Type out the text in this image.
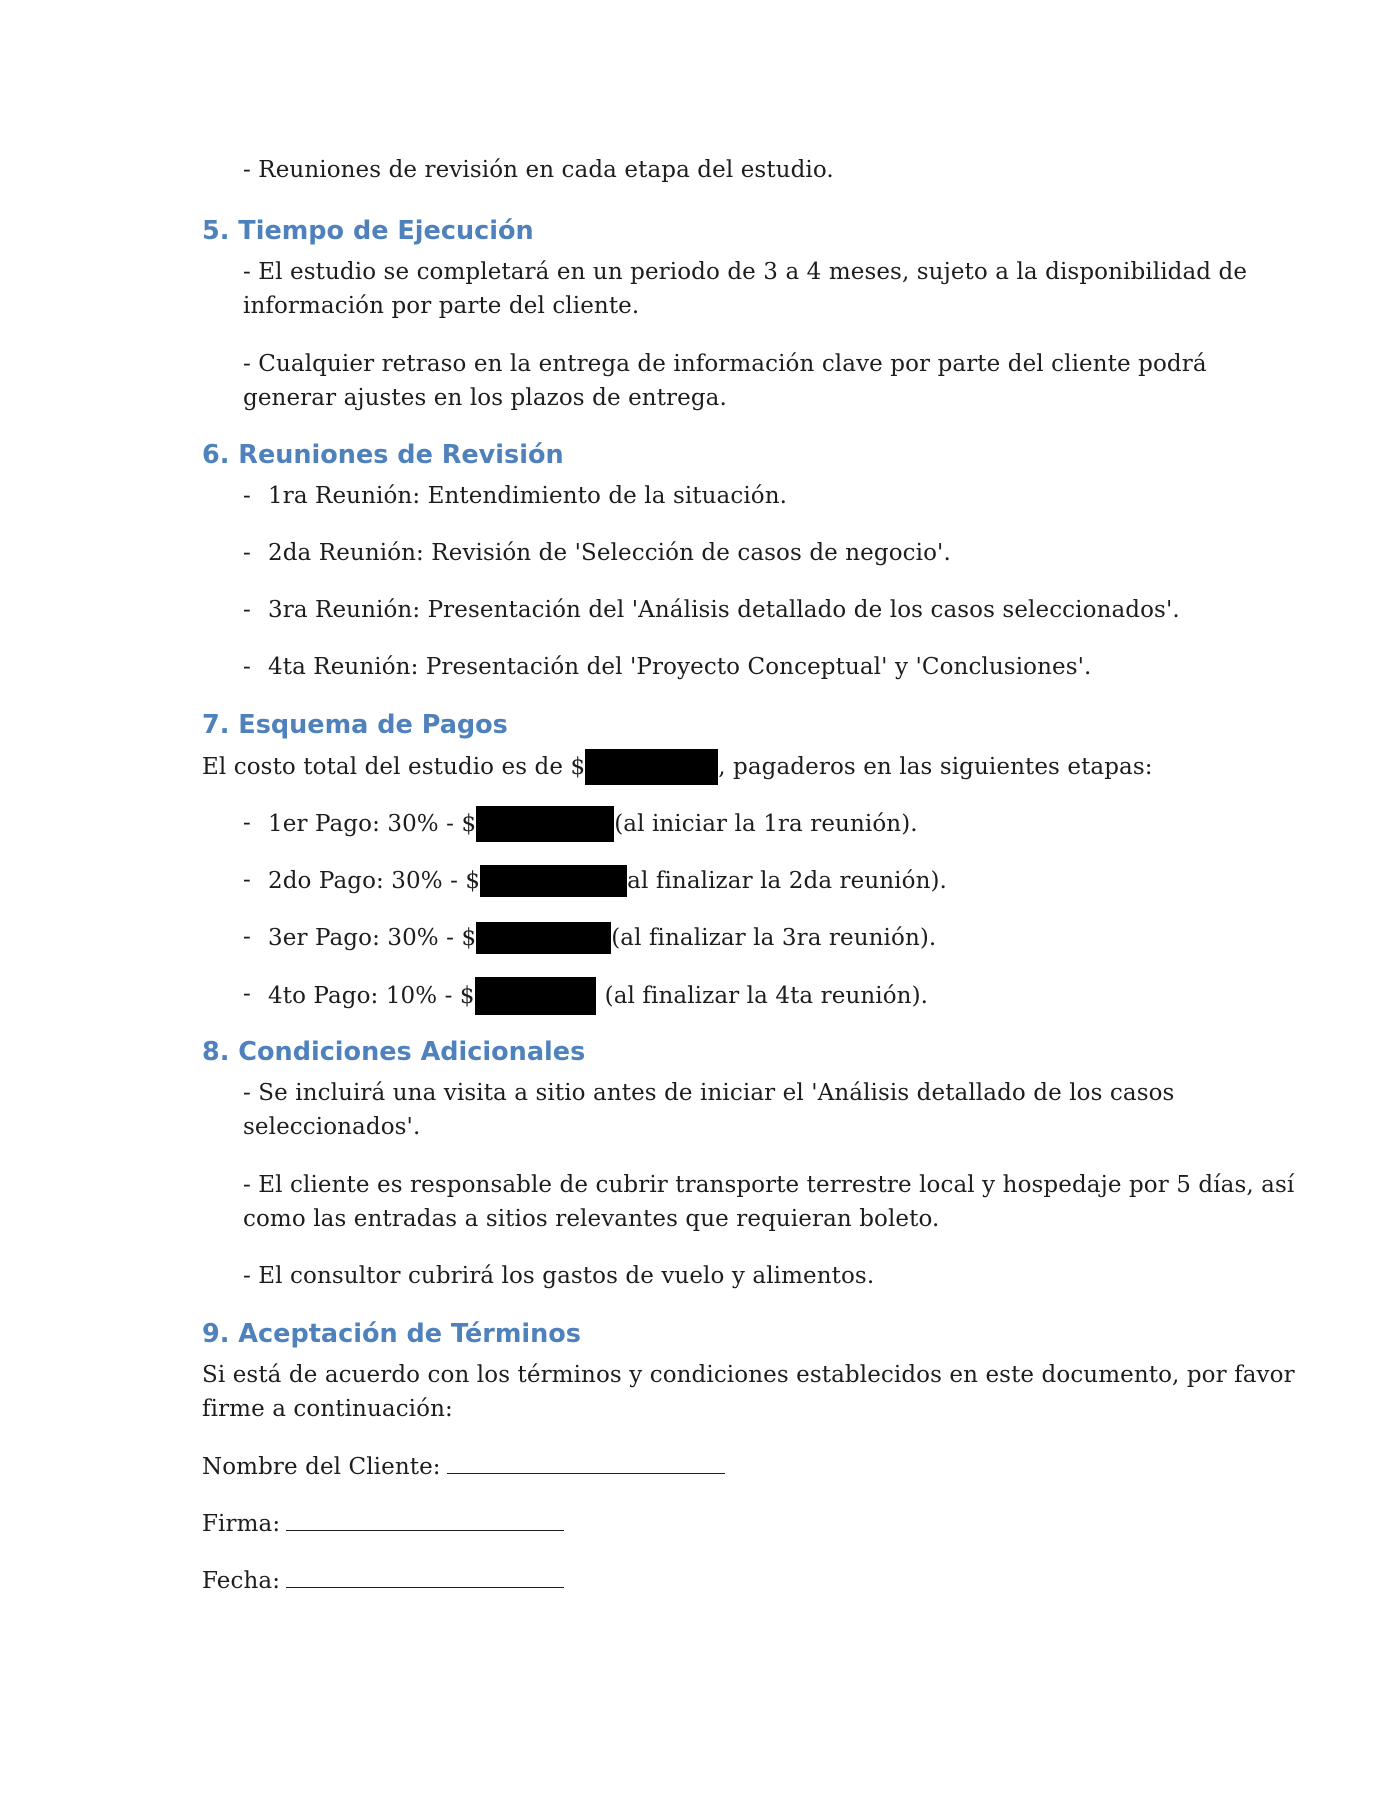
- Reuniones de revisión en cada etapa del estudio.
5. Tiempo de Ejecución
- El estudio se completará en un periodo de 3 a 4 meses, sujeto a la disponibilidad de
información por parte del cliente.
- Cualquier retraso en la entrega de información clave por parte del cliente podrá
generar ajustes en los plazos de entrega.
6. Reuniones de Revisión
- 1ra Reunión: Entendimiento de la situación.
- 2da Reunión: Revisión de 'Selección de casos de negocio'.
- 3ra Reunión: Presentación del 'Análisis detallado de los casos seleccionados'.
- 4ta Reunión: Presentación del 'Proyecto Conceptual' y 'Conclusiones'.
7. Esquema de Pagos
El costo total del estudio es de $	, pagaderos en las siguientes etapas:
- 1er Pago: 30% - $	(al iniciar la 1ra reunión).
- 2do Pago: 30% - $	al finalizar la 2da reunión).
- 3er Pago: 30% - $	(al finalizar la 3ra reunión).
- 4to Pago: 10% - $	(al finalizar la 4ta reunión).
8. Condiciones Adicionales
- Se incluirá una visita a sitio antes de iniciar el 'Análisis detallado de los casos
seleccionados'.
- El cliente es responsable de cubrir transporte terrestre local y hospedaje por 5 días, así
como las entradas a sitios relevantes que requieran boleto.
- El consultor cubrirá los gastos de vuelo y alimentos.
9. Aceptación de Términos
Si está de acuerdo con los términos y condiciones establecidos en este documento, por favor
firme a continuación:
Nombre del Cliente:
Firma:
Fecha:
